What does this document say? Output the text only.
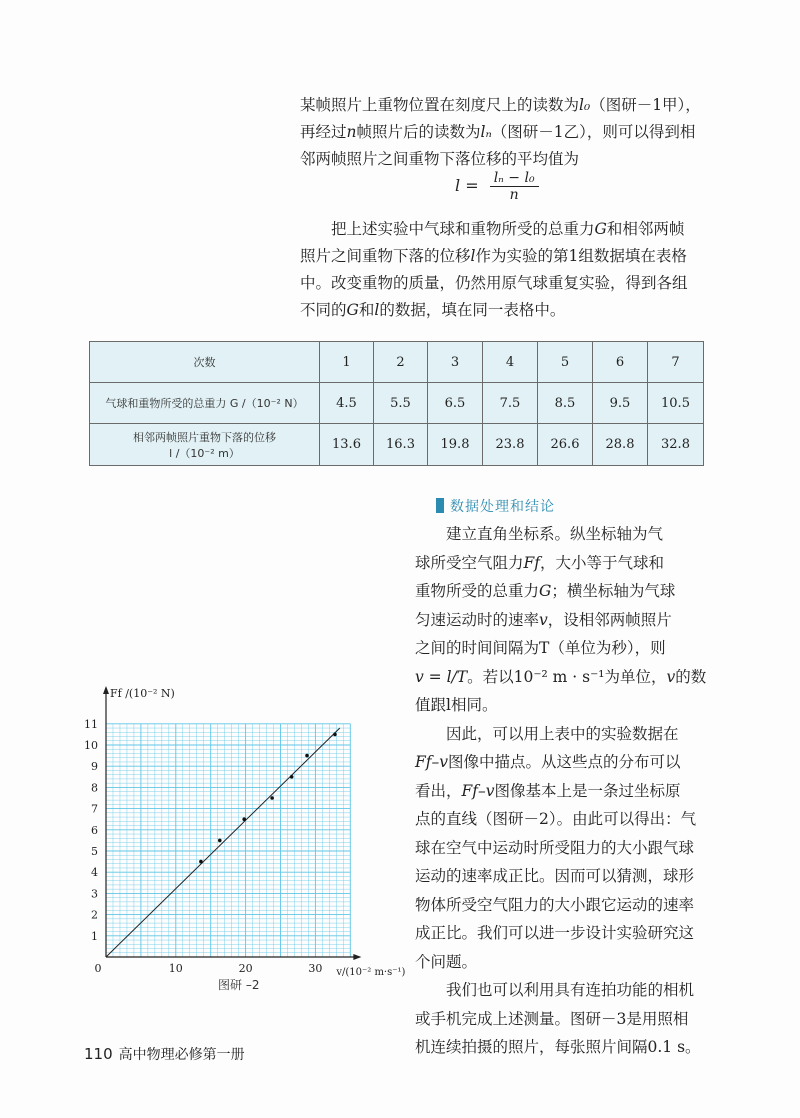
某帧照片上重物位置在刻度尺上的读数为l₀（图研－1甲），
再经过n帧照片后的读数为lₙ（图研－1乙），则可以得到相
邻两帧照片之间重物下落位移的平均值为
$l = \frac{\text{lₙ − l₀}}{n}$
把上述实验中气球和重物所受的总重力G和相邻两帧
照片之间重物下落的位移l作为实验的第1组数据填在表格
中。改变重物的质量，仍然用原气球重复实验，得到各组
不同的G和l的数据，填在同一表格中。
次数	1	2	3	4	5	6	7
气球和重物所受的总重力 G /（10⁻² N）	4.5	5.5	6.5	7.5	8.5	9.5	10.5

相邻两帧照片重物下落的位移
l /（10⁻² m）	13.6	16.3	19.8	23.8	26.6	28.8	32.8
数据处理和结论
建立直角坐标系。纵坐标轴为气
球所受空气阻力Ff，大小等于气球和
重物所受的总重力G；横坐标轴为气球
匀速运动时的速率v，设相邻两帧照片
之间的时间间隔为T（单位为秒），则
v = l/T。若以10⁻² m · s⁻¹为单位，v的数
值跟l相同。
因此，可以用上表中的实验数据在
Ff–v图像中描点。从这些点的分布可以
看出，Ff–v图像基本上是一条过坐标原
点的直线（图研－2）。由此可以得出：气
球在空气中运动时所受阻力的大小跟气球
运动的速率成正比。因而可以猜测，球形
物体所受空气阻力的大小跟它运动的速率
成正比。我们可以进一步设计实验研究这
个问题。
我们也可以利用具有连拍功能的相机
或手机完成上述测量。图研－3是用照相
机连续拍摄的照片，每张照片间隔0.1 s。
1
2
3
4
5
6
7
8
9
10
11
0	10	20	30
Ff /(10⁻² N)
v/(10⁻² m·s⁻¹)
图研 –2
110 高中物理必修第一册
